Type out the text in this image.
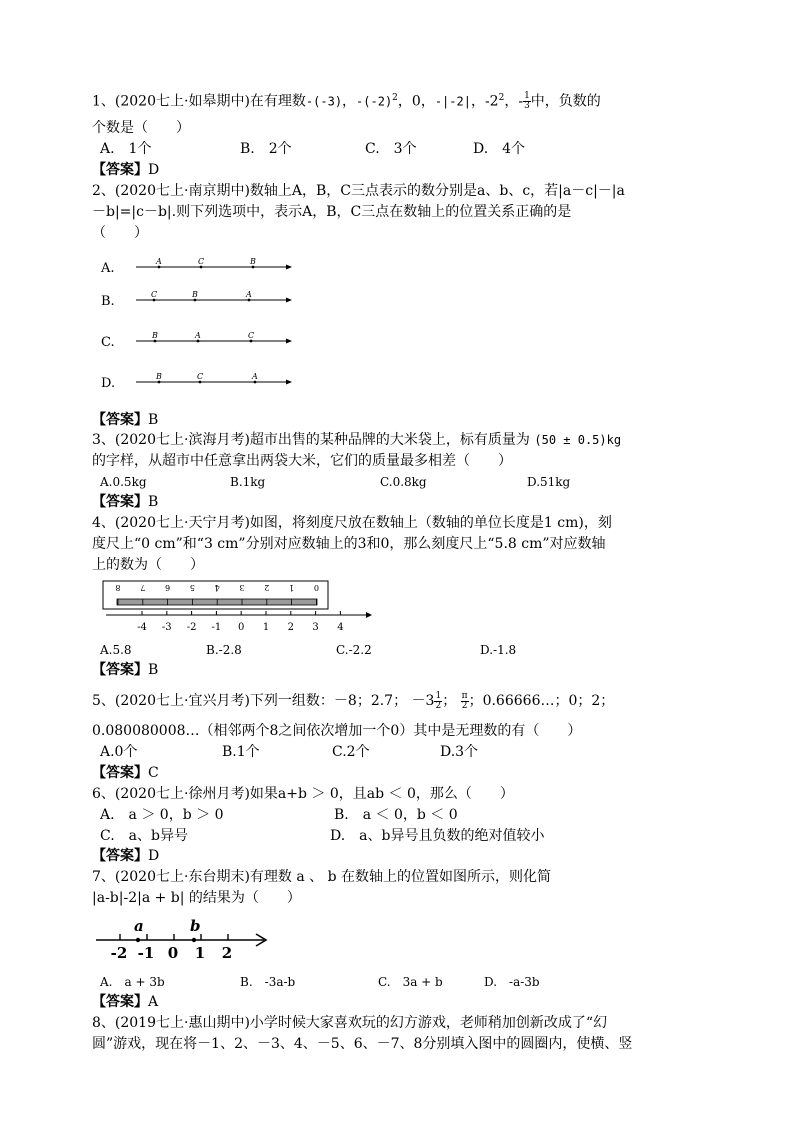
1、(2020七上·如皋期中)在有理数-(-3)，$-(-2)^2$，0，-|-2|，$-2^2$，- $\frac{1}{3}$ 中，负数的
个数是（　　）
A.　1个	B.　2个	C.　3个	D.　4个
【答案】D
2、(2020七上·南京期中)数轴上A，B，C三点表示的数分别是a、b、c，若|a－c|－|a
－b|=|c－b|.则下列选项中，表示A，B，C三点在数轴上的位置关系正确的是
（　　）
A.	A	C	B
B.	C	B	A
C.	B	A	C
D.	B	C	A
【答案】B
3、(2020七上·滨海月考)超市出售的某种品牌的大米袋上，标有质量为 (50 ± 0.5)kg
的字样，从超市中任意拿出两袋大米，它们的质量最多相差（　　）
A.0.5kg	B.1kg	C.0.8kg	D.51kg
【答案】B
4、(2020七上·天宁月考)如图，将刻度尺放在数轴上（数轴的单位长度是1 cm)，刻
度尺上“0 cm”和“3 cm”分别对应数轴上的3和0，那么刻度尺上“5.8 cm”对应数轴
上的数为（　　）
8 7 6 5 4 3 2 1 0
-4 -3 -2 -1 0 1 2 3 4
A.5.8	B.-2.8	C.-2.2	D.-1.8
【答案】B
5、(2020七上·宜兴月考)下列一组数：－8；2.7； $-3 \frac{1}{2}$ ； $\frac{\pi}{2}$ ；0.66666…；0；2；
0.080080008…（相邻两个8之间依次增加一个0）其中是无理数的有（　　）
A.0个	B.1个	C.2个	D.3个
【答案】C
6、(2020七上·徐州月考)如果a+b ＞ 0，且ab ＜ 0，那么（　　）
A.　a ＞ 0，b ＞ 0	B.　a ＜ 0，b ＜ 0
C.　a、b异号	D.　a、b异号且负数的绝对值较小
【答案】D
7、(2020七上·东台期末)有理数 a 、 b 在数轴上的位置如图所示，则化简
|a-b|-2|a + b| 的结果为（　　）
-2 -1 0 1 2
a	b
A.　a + 3b	B.　-3a-b	C.　3a + b	D.　-a-3b
【答案】A
8、(2019七上·惠山期中)小学时候大家喜欢玩的幻方游戏，老师稍加创新改成了“幻
圆”游戏，现在将－1、2、－3、4、－5、6、－7、8分别填入图中的圆圈内，使横、竖
